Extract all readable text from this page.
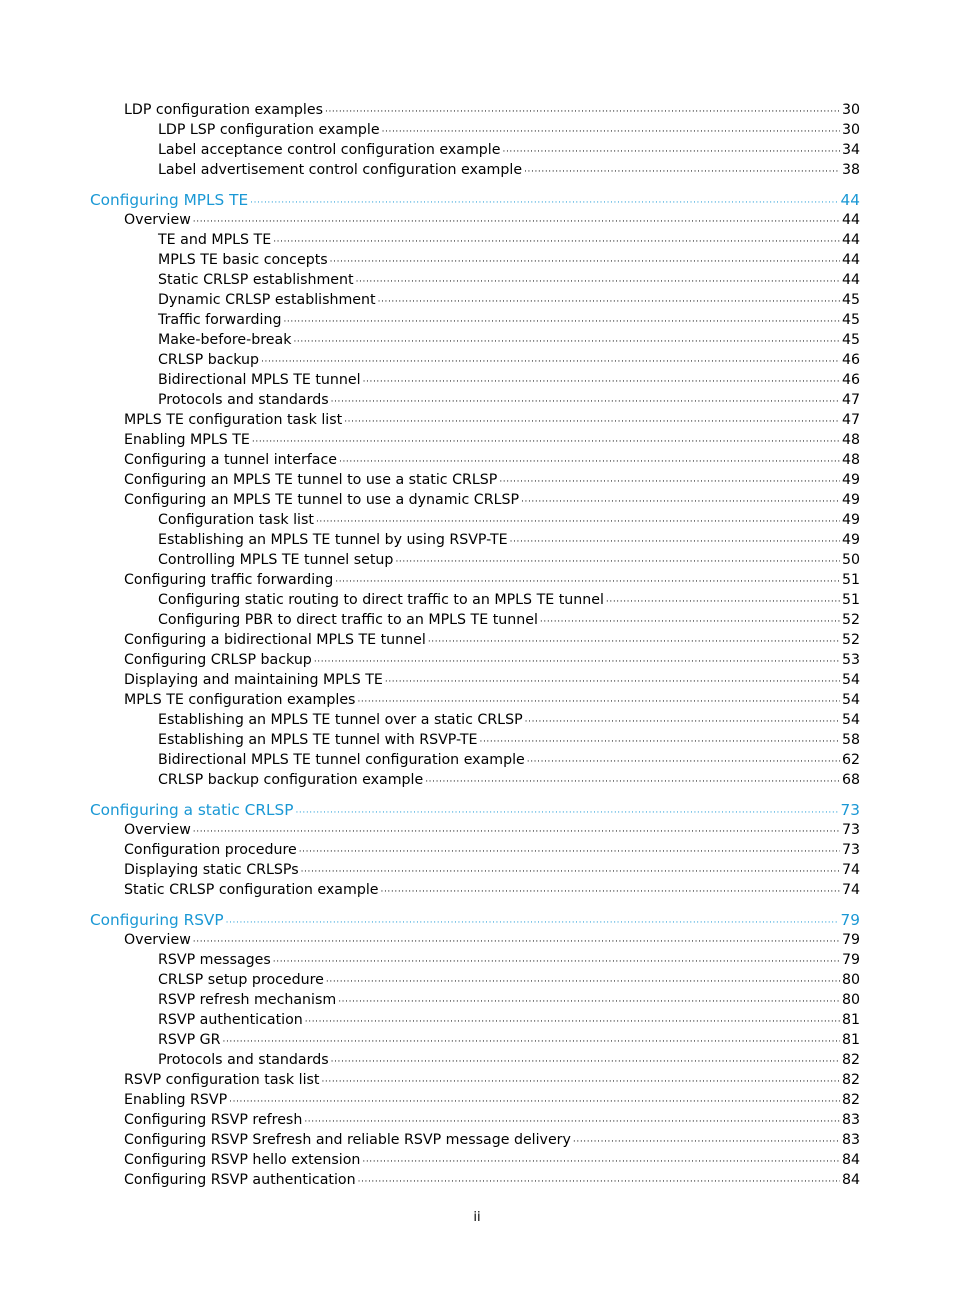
LDP configuration examples ·····	30
LDP LSP configuration example ·····	30
Label acceptance control configuration example ·····	34
Label advertisement control configuration example ·····	38
Configuring MPLS TE ·····	44
Overview ·····	44
TE and MPLS TE ·····	44
MPLS TE basic concepts ·····	44
Static CRLSP establishment ·····	44
Dynamic CRLSP establishment ·····	45
Traffic forwarding ·····	45
Make-before-break ·····	45
CRLSP backup ·····	46
Bidirectional MPLS TE tunnel ·····	46
Protocols and standards ·····	47
MPLS TE configuration task list ·····	47
Enabling MPLS TE ·····	48
Configuring a tunnel interface ·····	48
Configuring an MPLS TE tunnel to use a static CRLSP ·····	49
Configuring an MPLS TE tunnel to use a dynamic CRLSP ·····	49
Configuration task list ·····	49
Establishing an MPLS TE tunnel by using RSVP-TE ·····	49
Controlling MPLS TE tunnel setup ·····	50
Configuring traffic forwarding ·····	51
Configuring static routing to direct traffic to an MPLS TE tunnel ·····	51
Configuring PBR to direct traffic to an MPLS TE tunnel ·····	52
Configuring a bidirectional MPLS TE tunnel ·····	52
Configuring CRLSP backup ·····	53
Displaying and maintaining MPLS TE ·····	54
MPLS TE configuration examples ·····	54
Establishing an MPLS TE tunnel over a static CRLSP ·····	54
Establishing an MPLS TE tunnel with RSVP-TE ·····	58
Bidirectional MPLS TE tunnel configuration example ·····	62
CRLSP backup configuration example ·····	68
Configuring a static CRLSP ·····	73
Overview ·····	73
Configuration procedure ·····	73
Displaying static CRLSPs ·····	74
Static CRLSP configuration example ·····	74
Configuring RSVP ·····	79
Overview ·····	79
RSVP messages ·····	79
CRLSP setup procedure ·····	80
RSVP refresh mechanism ·····	80
RSVP authentication ·····	81
RSVP GR ·····	81
Protocols and standards ·····	82
RSVP configuration task list ·····	82
Enabling RSVP ·····	82
Configuring RSVP refresh ·····	83
Configuring RSVP Srefresh and reliable RSVP message delivery ·····	83
Configuring RSVP hello extension ·····	84
Configuring RSVP authentication ·····	84
ii
